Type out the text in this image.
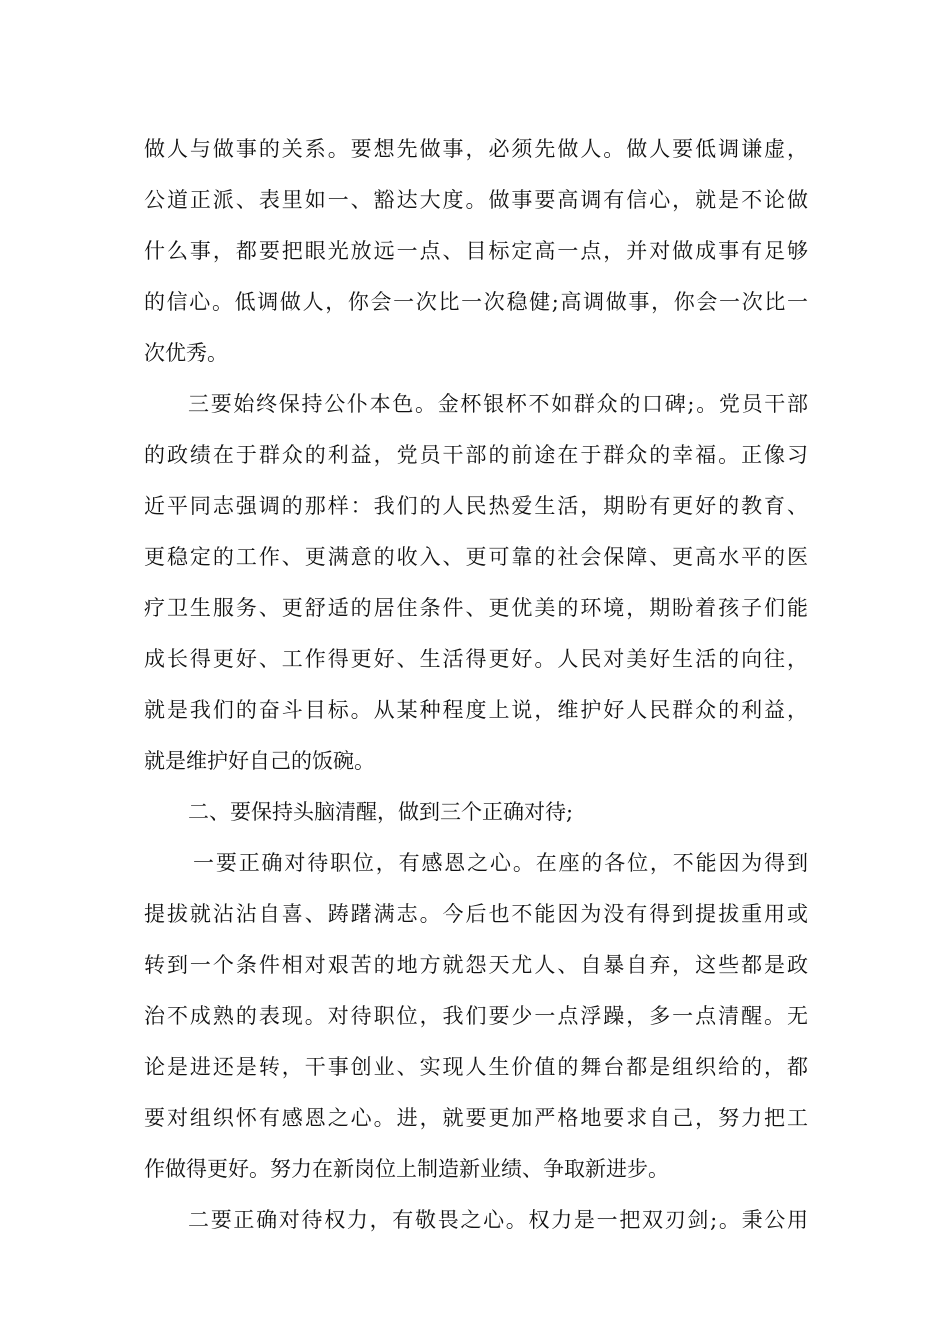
做人与做事的关系。要想先做事，必须先做人。做人要低调谦虚，
公道正派、表里如一、豁达大度。做事要高调有信心，就是不论做
什么事，都要把眼光放远一点、目标定高一点，并对做成事有足够
的信心。低调做人，你会一次比一次稳健;高调做事，你会一次比一
次优秀。
三要始终保持公仆本色。金杯银杯不如群众的口碑;。党员干部
的政绩在于群众的利益，党员干部的前途在于群众的幸福。正像习
近平同志强调的那样：我们的人民热爱生活，期盼有更好的教育、
更稳定的工作、更满意的收入、更可靠的社会保障、更高水平的医
疗卫生服务、更舒适的居住条件、更优美的环境，期盼着孩子们能
成长得更好、工作得更好、生活得更好。人民对美好生活的向往，
就是我们的奋斗目标。从某种程度上说，维护好人民群众的利益，
就是维护好自己的饭碗。
二、要保持头脑清醒，做到三个正确对待;
一要正确对待职位，有感恩之心。在座的各位，不能因为得到
提拔就沾沾自喜、踌躇满志。今后也不能因为没有得到提拔重用或
转到一个条件相对艰苦的地方就怨天尤人、自暴自弃，这些都是政
治不成熟的表现。对待职位，我们要少一点浮躁，多一点清醒。无
论是进还是转，干事创业、实现人生价值的舞台都是组织给的，都
要对组织怀有感恩之心。进，就要更加严格地要求自己，努力把工
作做得更好。努力在新岗位上制造新业绩、争取新进步。
二要正确对待权力，有敬畏之心。权力是一把双刃剑;。秉公用
